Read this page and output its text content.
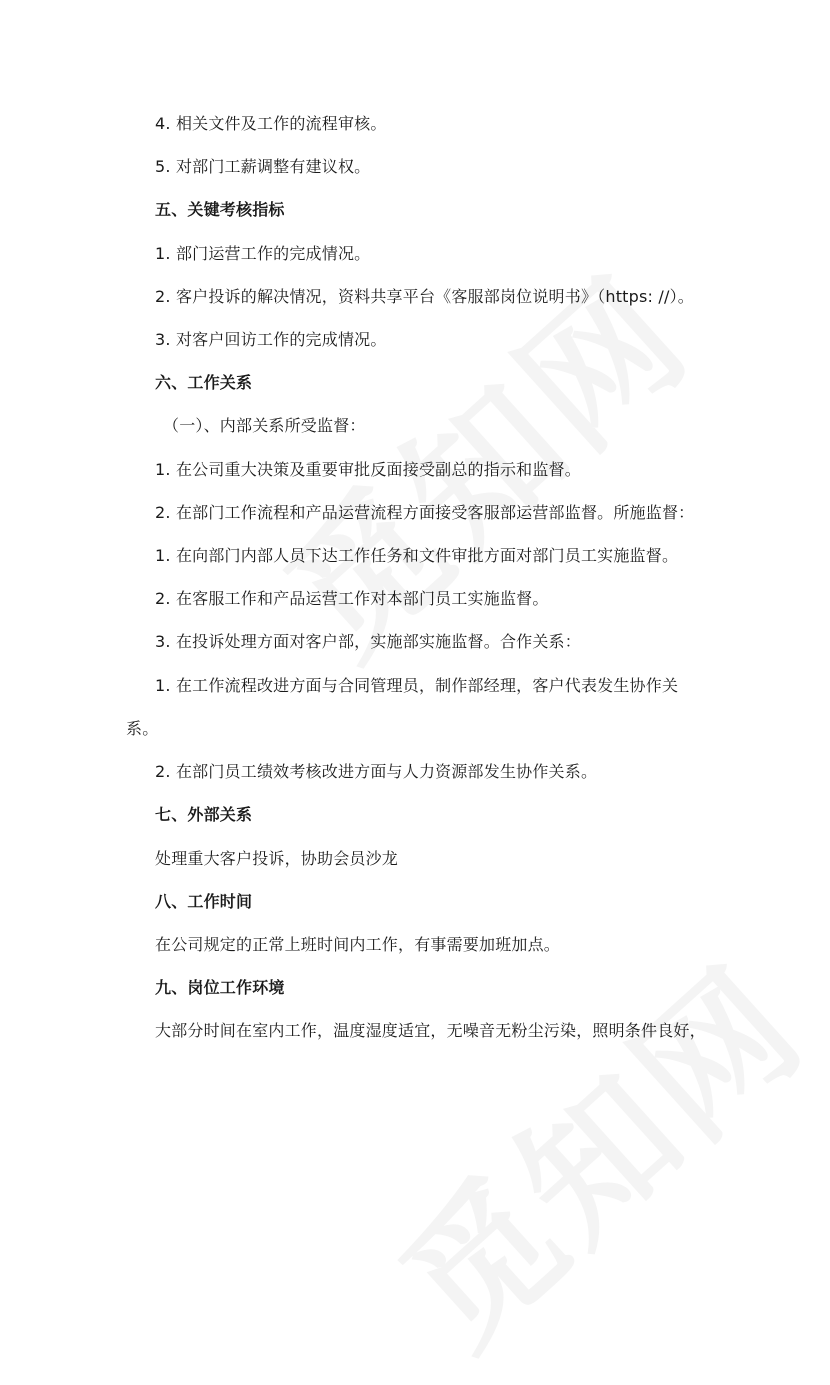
4. 相关文件及工作的流程审核。
5. 对部门工薪调整有建议权。
五、关键考核指标
1. 部门运营工作的完成情况。
2. 客户投诉的解决情况，资料共享平台《客服部岗位说明书》（https: //）。
3. 对客户回访工作的完成情况。
六、工作关系
（一）、内部关系所受监督：
1. 在公司重大决策及重要审批反面接受副总的指示和监督。
2. 在部门工作流程和产品运营流程方面接受客服部运营部监督。所施监督：
1. 在向部门内部人员下达工作任务和文件审批方面对部门员工实施监督。
2. 在客服工作和产品运营工作对本部门员工实施监督。
3. 在投诉处理方面对客户部，实施部实施监督。合作关系：
1. 在工作流程改进方面与合同管理员，制作部经理，客户代表发生协作关
系。
2. 在部门员工绩效考核改进方面与人力资源部发生协作关系。
七、外部关系
处理重大客户投诉，协助会员沙龙
八、工作时间
在公司规定的正常上班时间内工作，有事需要加班加点。
九、岗位工作环境
大部分时间在室内工作，温度湿度适宜，无噪音无粉尘污染，照明条件良好，
